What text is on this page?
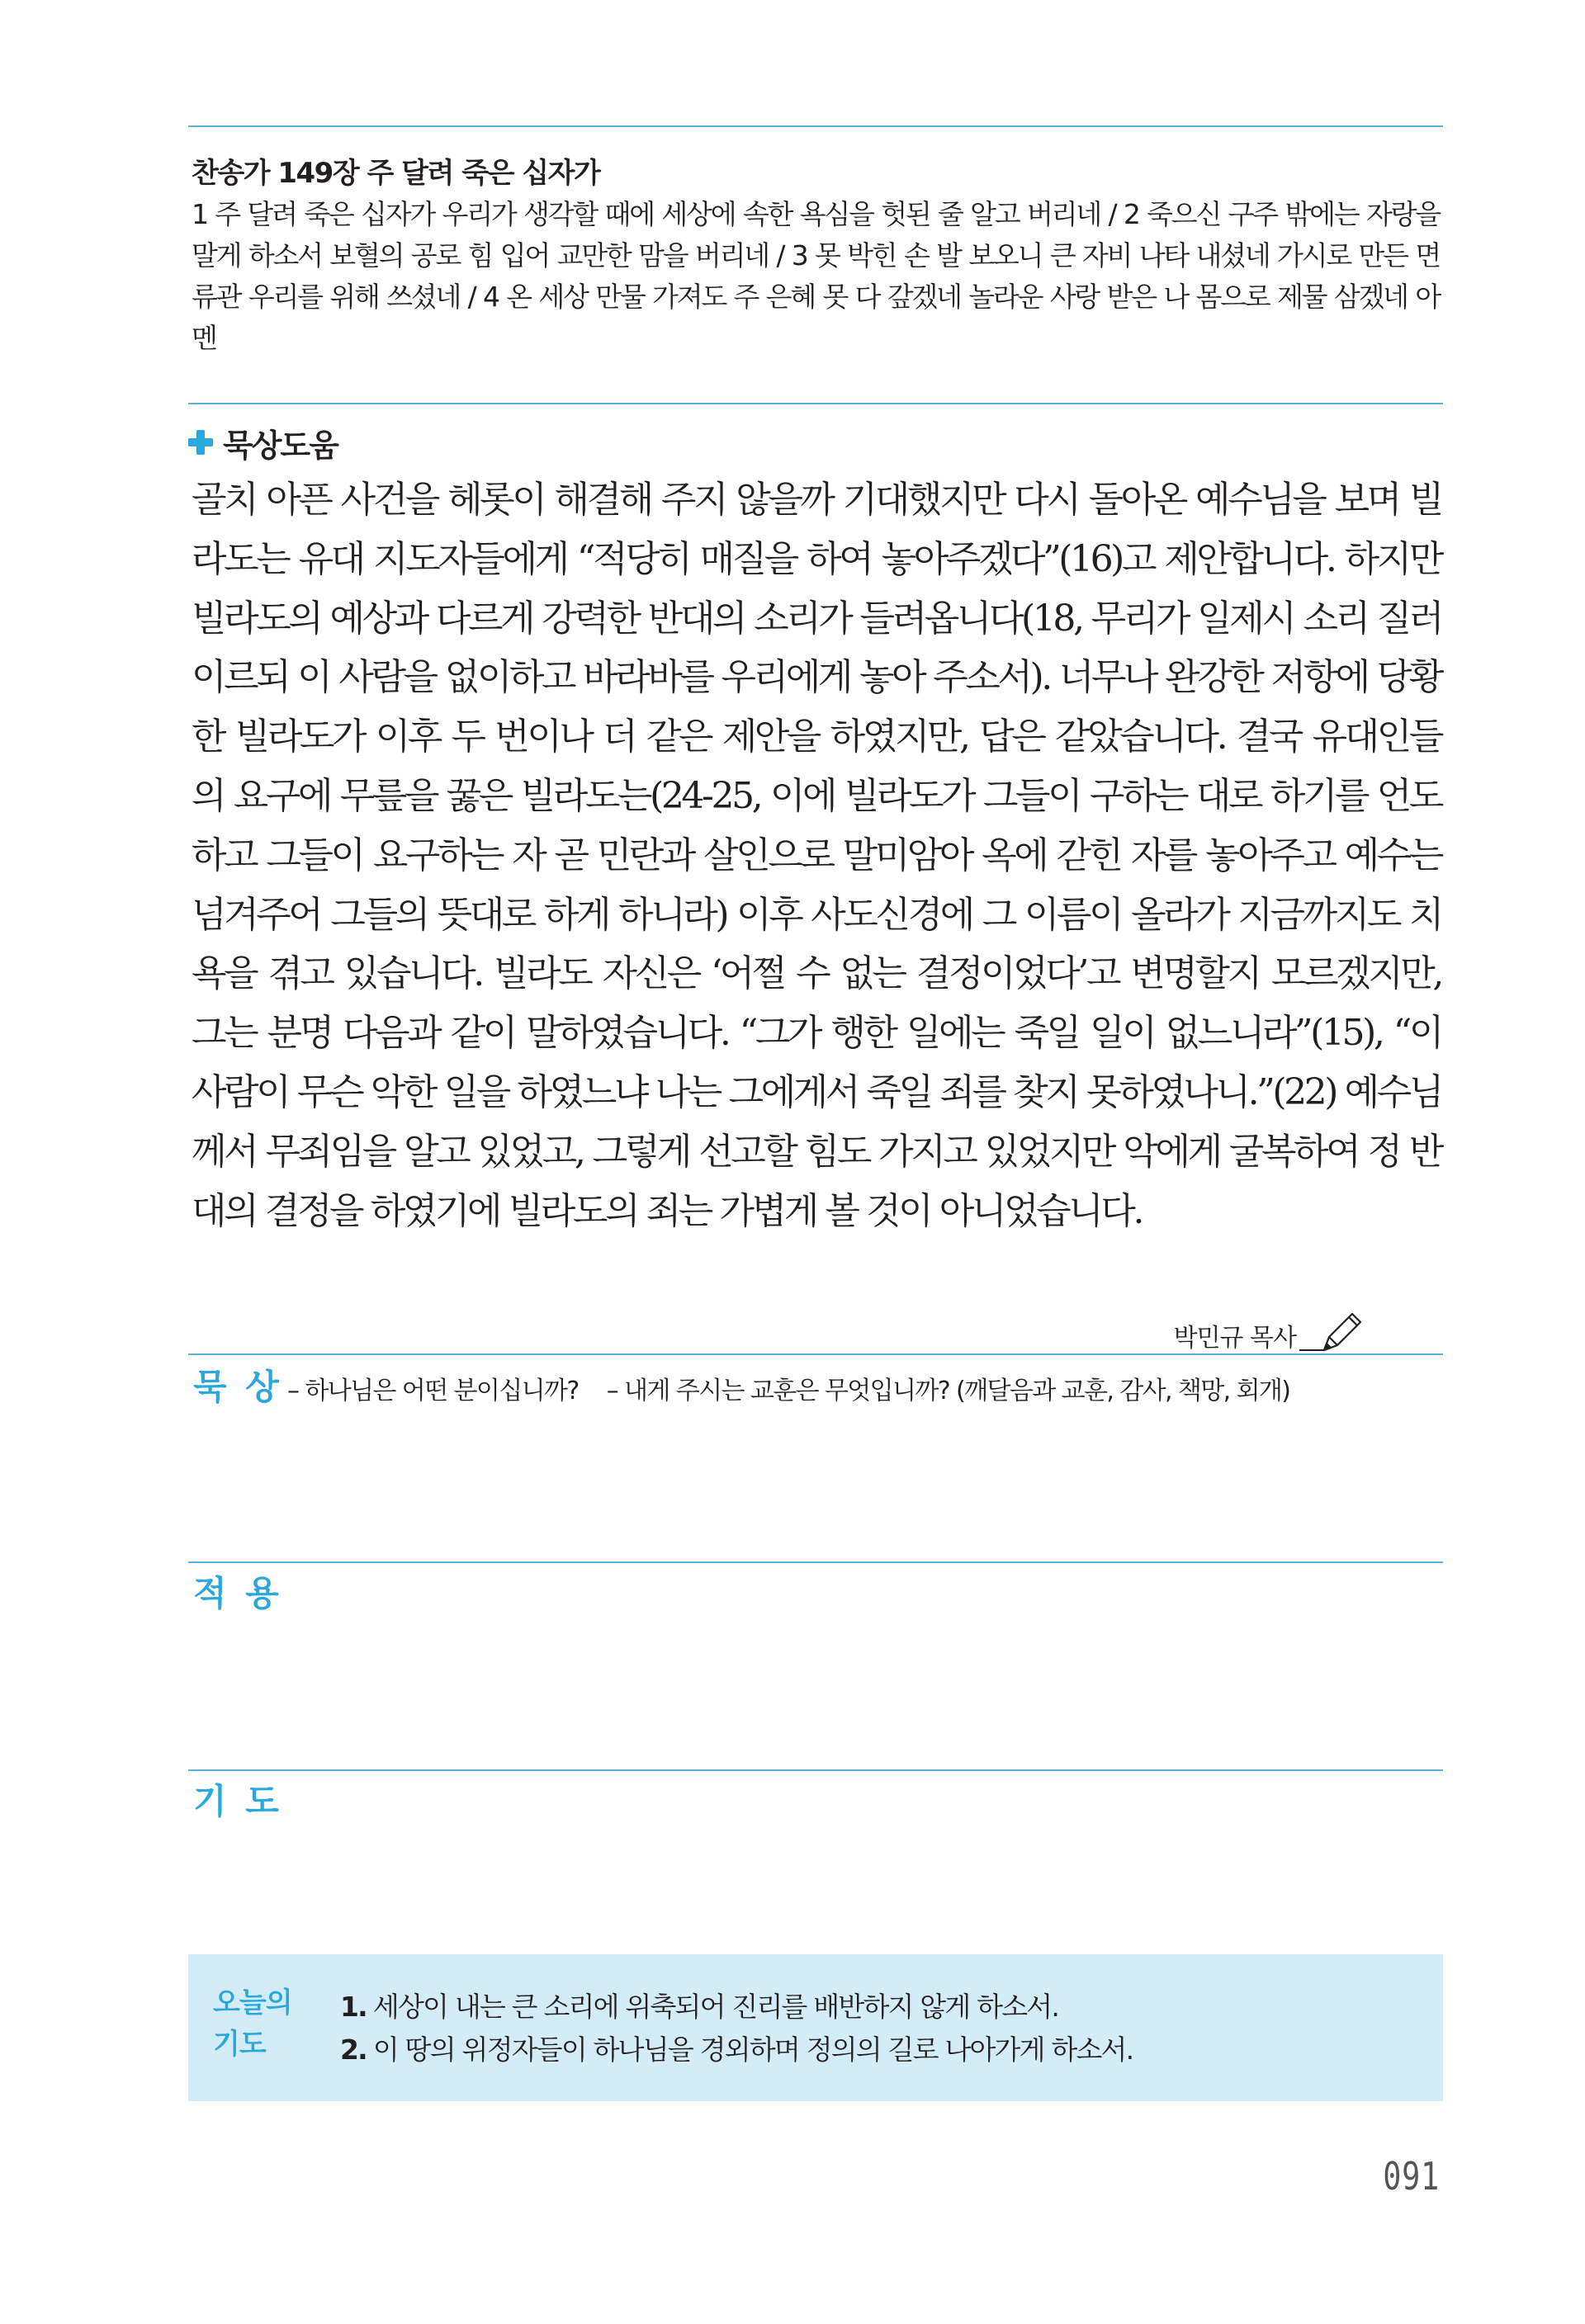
찬송가 149장 주 달려 죽은 십자가
1 주 달려 죽은 십자가 우리가 생각할 때에 세상에 속한 욕심을 헛된 줄 알고 버리네 / 2 죽으신 구주 밖에는 자랑을 말게 하소서 보혈의 공로 힘 입어 교만한 맘을 버리네 / 3 못 박힌 손 발 보오니 큰 자비 나타 내셨네 가시로 만든 면류관 우리를 위해 쓰셨네 / 4 온 세상 만물 가져도 주 은혜 못 다 갚겠네 놀라운 사랑 받은 나 몸으로 제물 삼겠네 아멘
묵상도움
골치 아픈 사건을 헤롯이 해결해 주지 않을까 기대했지만 다시 돌아온 예수님을 보며 빌라도는 유대 지도자들에게 “적당히 매질을 하여 놓아주겠다”(16)고 제안합니다. 하지만 빌라도의 예상과 다르게 강력한 반대의 소리가 들려옵니다(18, 무리가 일제시 소리 질러 이르되 이 사람을 없이하고 바라바를 우리에게 놓아 주소서). 너무나 완강한 저항에 당황한 빌라도가 이후 두 번이나 더 같은 제안을 하였지만, 답은 같았습니다. 결국 유대인들의 요구에 무릎을 꿇은 빌라도는(24-25, 이에 빌라도가 그들이 구하는 대로 하기를 언도하고 그들이 요구하는 자 곧 민란과 살인으로 말미암아 옥에 갇힌 자를 놓아주고 예수는 넘겨주어 그들의 뜻대로 하게 하니라) 이후 사도신경에 그 이름이 올라가 지금까지도 치욕을 겪고 있습니다. 빌라도 자신은 ‘어쩔 수 없는 결정이었다’고 변명할지 모르겠지만, 그는 분명 다음과 같이 말하였습니다. “그가 행한 일에는 죽일 일이 없느니라”(15), “이 사람이 무슨 악한 일을 하였느냐 나는 그에게서 죽일 죄를 찾지 못하였나니.”(22) 예수님께서 무죄임을 알고 있었고, 그렇게 선고할 힘도 가지고 있었지만 악에게 굴복하여 정 반대의 결정을 하였기에 빌라도의 죄는 가볍게 볼 것이 아니었습니다.
박민규 목사
묵 상 – 하나님은 어떤 분이십니까? – 내게 주시는 교훈은 무엇입니까? (깨달음과 교훈, 감사, 책망, 회개)
적 용
기 도
오늘의
기도
1. 세상이 내는 큰 소리에 위축되어 진리를 배반하지 않게 하소서.
2. 이 땅의 위정자들이 하나님을 경외하며 정의의 길로 나아가게 하소서.
091
